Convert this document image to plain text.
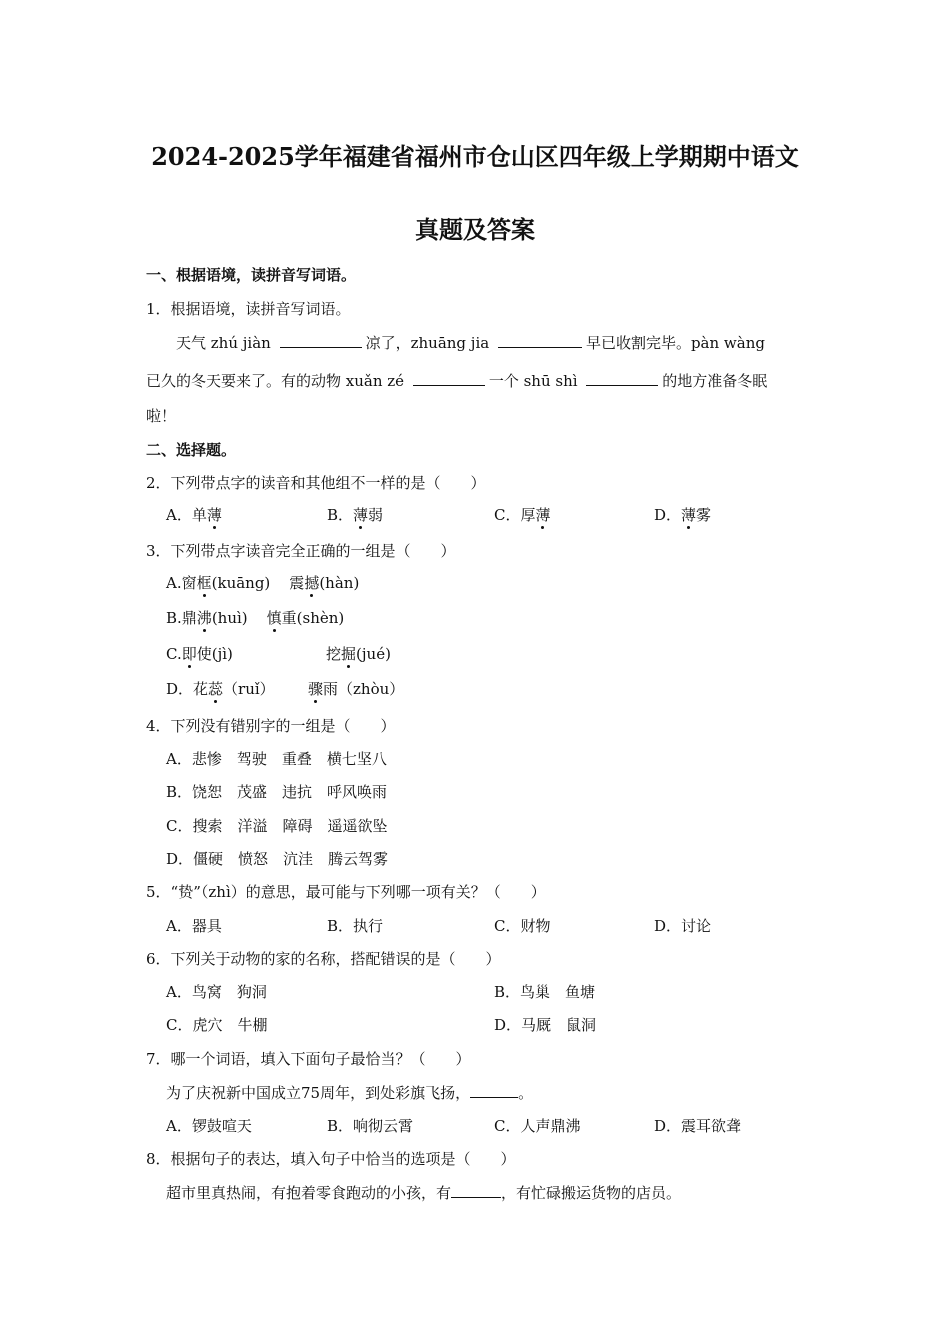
2024-2025学年福建省福州市仓山区四年级上学期期中语文
真题及答案
一、根据语境，读拼音写词语。
1．根据语境，读拼音写词语。
天气 zhú jiàn	凉了，zhuāng jia	早已收割完毕。pàn wàng
已久的冬天要来了。有的动物 xuǎn zé	一个 shū shì	的地方准备冬眠
啦！
二、选择题。
2．下列带点字的读音和其他组不一样的是（　　）
A．单薄	B．薄弱	C．厚薄	D．薄雾
3．下列带点字读音完全正确的一组是（　　）
A.窗框(kuāng)　震撼(hàn)
B.鼎沸(huì)　慎重(shèn)
C.即使(jì)	挖掘(jué)
D．花蕊（ruǐ） 骤雨（zhòu）
4．下列没有错别字的一组是（　　）
A．悲惨　驾驶　重叠　横七坚八
B．饶恕　茂盛　违抗　呼风唤雨
C．搜索　洋溢　障碍　遥遥欲坠
D．僵硬　愤怒　沆洼　腾云驾雾
5．“贽”（zhì）的意思，最可能与下列哪一项有关？（　　）
A．器具	B．执行	C．财物	D．讨论
6．下列关于动物的家的名称，搭配错误的是（　　）
A．鸟窝　狗洞	B．鸟巢　鱼塘
C．虎穴　牛棚	D．马厩　鼠洞
7．哪一个词语，填入下面句子最恰当？（　　）
为了庆祝新中国成立75周年，到处彩旗飞扬，	。
A．锣鼓喧天	B．响彻云霄	C．人声鼎沸	D．震耳欲聋
8．根据句子的表达，填入句子中恰当的选项是（　　）
超市里真热闹，有抱着零食跑动的小孩，有	，有忙碌搬运货物的店员。
